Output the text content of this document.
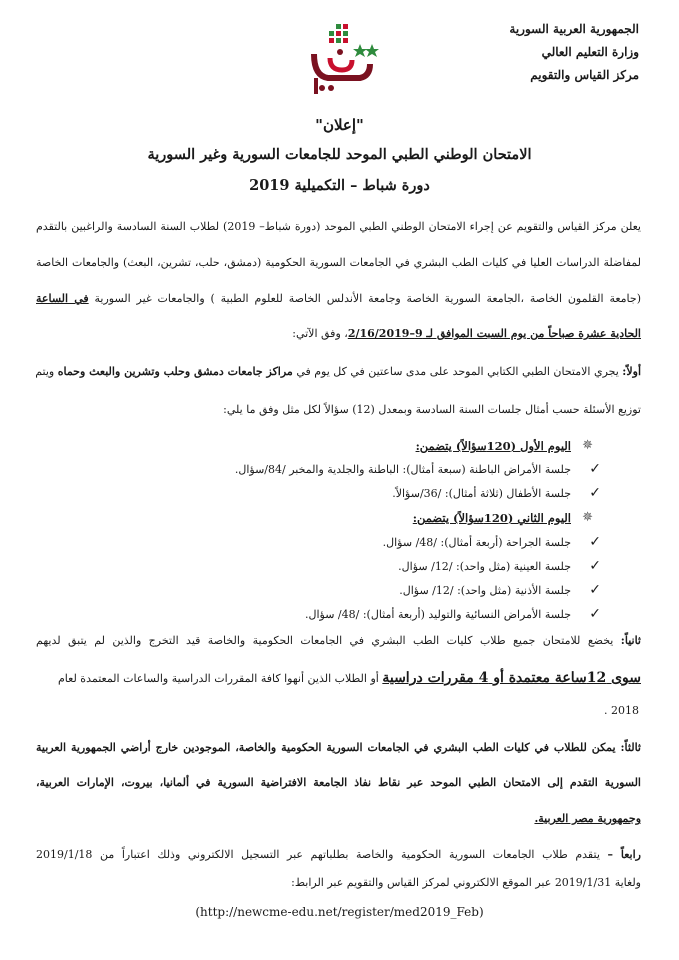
الجمهورية العربية السورية
وزارة التعليم العالي
مركز القياس والتقويم
"إعلان"
الامتحان الوطني الطبي الموحد للجامعات السورية وغير السورية
دورة شباط – التكميلية 2019
يعلن مركز القياس والتقويم عن إجراء الامتحان الوطني الطبي الموحد (دورة شباط– 2019) لطلاب السنة السادسة والراغبين بالتقدم
لمفاضلة الدراسات العليا في كليات الطب البشري في الجامعات السورية الحكومية (دمشق، حلب، تشرين، البعث) والجامعات الخاصة
(جامعة القلمون الخاصة ،الجامعة السورية الخاصة وجامعة الأندلس الخاصة للعلوم الطبية ) والجامعات غير السورية في الساعة
الحادية عشرة صباحاً من يوم السبت الموافق لـ 9–2/16/2019، وفق الآتي:
أولاً: يجري الامتحان الطبي الكتابي الموحد على مدى ساعتين في كل يوم في مراكز جامعات دمشق وحلب وتشرين والبعث وحماه ويتم
توزيع الأسئلة حسب أمثال جلسات السنة السادسة وبمعدل (12) سؤالاً لكل مثل وفق ما يلي:
✵
اليوم الأول (120سؤالاً) يتضمن:
✓
جلسة الأمراض الباطنة (سبعة أمثال): الباطنة والجلدية والمخبر /84/سؤال.
✓
جلسة الأطفال (ثلاثة أمثال): /36/سؤالاً.
✵
اليوم الثاني (120سؤالاً) يتضمن:
✓
جلسة الجراحة (أربعة أمثال): /48/ سؤال.
✓
جلسة العينية (مثل واحد): /12/ سؤال.
✓
جلسة الأذنية (مثل واحد): /12/ سؤال.
✓
جلسة الأمراض النسائية والتوليد (أربعة أمثال): /48/ سؤال.
ثانياً: يخضع للامتحان جميع طلاب كليات الطب البشري في الجامعات الحكومية والخاصة قيد التخرج والذين لم يتبق لديهم
سوى 12ساعة معتمدة أو 4 مقررات دراسية أو الطلاب الذين أنهوا كافة المقررات الدراسية والساعات المعتمدة لعام
2018 .
ثالثاً: يمكن للطلاب في كليات الطب البشري في الجامعات السورية الحكومية والخاصة، الموجودين خارج أراضي الجمهورية العربية
السورية التقدم إلى الامتحان الطبي الموحد عبر نقاط نفاذ الجامعة الافتراضية السورية في ألمانيا، بيروت، الإمارات العربية،
وجمهورية مصر العربية.
رابعاً – يتقدم طلاب الجامعات السورية الحكومية والخاصة بطلباتهم عبر التسجيل الالكتروني وذلك اعتباراً من 2019/1/18
ولغاية 2019/1/31 عبر الموقع الالكتروني لمركز القياس والتقويم عبر الرابط:
(http://newcme-edu.net/register/med2019_Feb)
